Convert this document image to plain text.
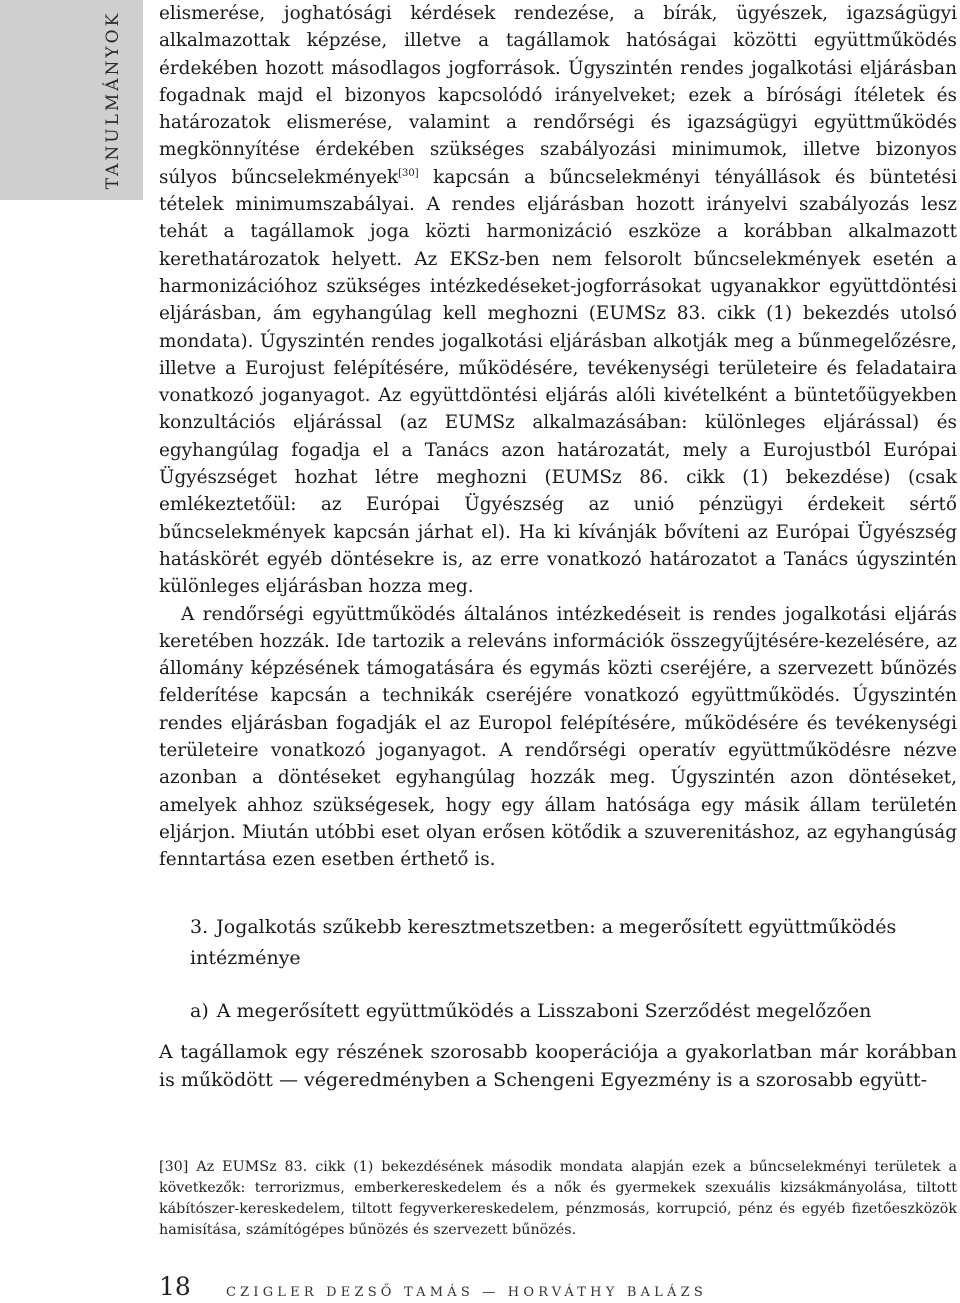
TANULMÁNYOK elismerése, joghatósági kérdések rendezése, a bírák, ügyészek, igazságügyi alkalmazottak képzése, illetve a tagállamok hatóságai közötti együttműködés érdekében hozott másodlagos jogforrások. Úgyszintén rendes jogalkotási eljárásban fogadnak majd el bizonyos kapcsolódó irányelveket; ezek a bírósági ítéletek és határozatok elismerése, valamint a rendőrségi és igazságügyi együttműködés megkönnyítése érdekében szükséges szabályozási minimumok, illetve bizonyos súlyos bűncselekmények[30] kapcsán a bűncselekményi tényállások és büntetési tételek minimumszabályai. A rendes eljárásban hozott irányelvi szabályozás lesz tehát a tagállamok joga közti harmonizáció eszköze a korábban alkalmazott kerethatározatok helyett. Az EKSz-ben nem felsorolt bűncselekmények esetén a harmonizációhoz szükséges intézkedéseket-jogforrásokat ugyanakkor együttdöntési eljárásban, ám egyhangúlag kell meghozni (EUMSz 83. cikk (1) bekezdés utolsó mondata). Úgyszintén rendes jogalkotási eljárásban alkotják meg a bűnmegelőzésre, illetve a Eurojust felépítésére, működésére, tevékenységi területeire és feladataira vonatkozó joganyagot. Az együttdöntési eljárás alóli kivételként a büntetőügyekben konzultációs eljárással (az EUMSz alkalmazásában: különleges eljárással) és egyhangúlag fogadja el a Tanács azon határozatát, mely a Eurojustból Európai Ügyészséget hozhat létre meghozni (EUMSz 86. cikk (1) bekezdése) (csak emlékeztetőül: az Európai Ügyészség az unió pénzügyi érdekeit sértő bűncselekmények kapcsán járhat el). Ha ki kívánják bővíteni az Európai Ügyészség hatáskörét egyéb döntésekre is, az erre vonatkozó határozatot a Tanács úgyszintén különleges eljárásban hozza meg.

A rendőrségi együttműködés általános intézkedéseit is rendes jogalkotási eljárás keretében hozzák. Ide tartozik a releváns információk összegyűjtésére-kezelésére, az állomány képzésének támogatására és egymás közti cseréjére, a szervezett bűnözés felderítése kapcsán a technikák cseréjére vonatkozó együttműködés. Úgyszintén rendes eljárásban fogadják el az Europol felépítésére, működésére és tevékenységi területeire vonatkozó joganyagot. A rendőrségi operatív együttműködésre nézve azonban a döntéseket egyhangúlag hozzák meg. Úgyszintén azon döntéseket, amelyek ahhoz szükségesek, hogy egy állam hatósága egy másik állam területén eljárjon. Miután utóbbi eset olyan erősen kötődik a szuverenitáshoz, az egyhangúság fenntartása ezen esetben érthető is.

3. Jogalkotás szűkebb keresztmetszetben: a megerősített együttműködés intézménye
a) A megerősített együttműködés a Lisszaboni Szerződést megelőzően

A tagállamok egy részének szorosabb kooperációja a gyakorlatban már korábban is működött — végeredményben a Schengeni Egyezmény is a szorosabb együtt-

[30] Az EUMSz 83. cikk (1) bekezdésének második mondata alapján ezek a bűncselekményi területek a következők: terrorizmus, emberkereskedelem és a nők és gyermekek szexuális kizsákmányolása, tiltott kábítószer-kereskedelem, tiltott fegyverkereskedelem, pénzmosás, korrupció, pénz és egyéb fizetőeszközök hamisítása, számítógépes bűnözés és szervezett bűnözés.

18	CZIGLER DEZSŐ TAMÁS — HORVÁTHY BALÁZS
